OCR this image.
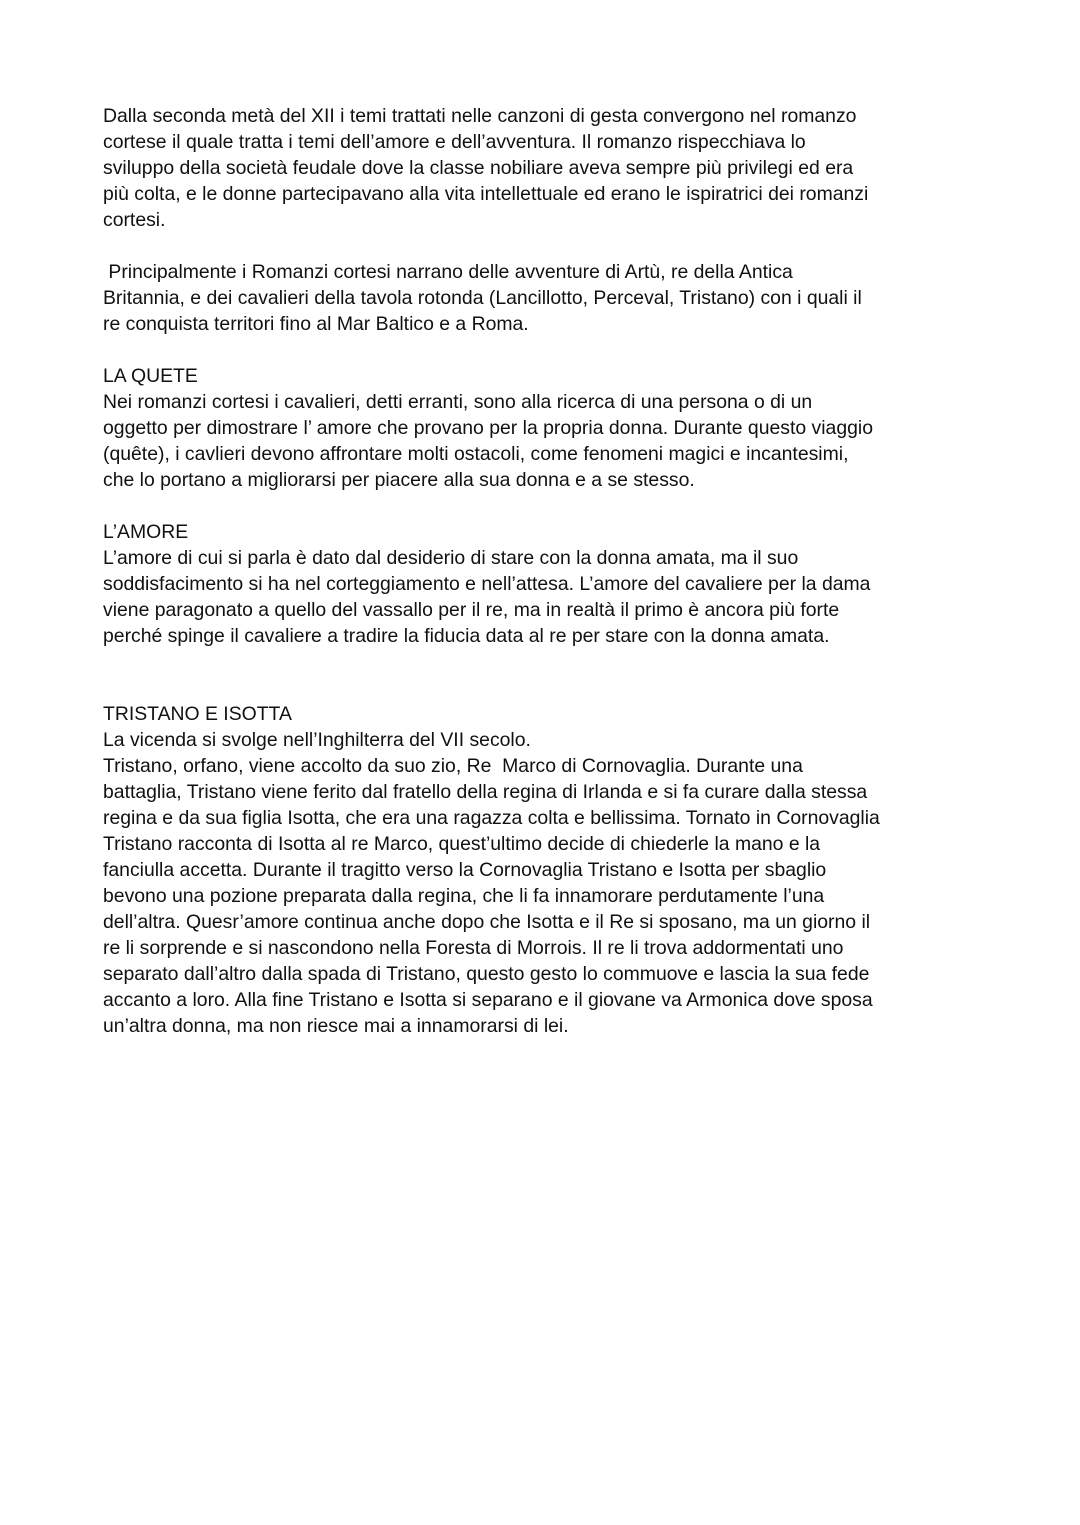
Dalla seconda metà del XII i temi trattati nelle canzoni di gesta convergono nel romanzo
cortese il quale tratta i temi dell’amore e dell’avventura. Il romanzo rispecchiava lo
sviluppo della società feudale dove la classe nobiliare aveva sempre più privilegi ed era
più colta, e le donne partecipavano alla vita intellettuale ed erano le ispiratrici dei romanzi
cortesi.
Principalmente i Romanzi cortesi narrano delle avventure di Artù, re della Antica
Britannia, e dei cavalieri della tavola rotonda (Lancillotto, Perceval, Tristano) con i quali il
re conquista territori fino al Mar Baltico e a Roma.
LA QUETE
Nei romanzi cortesi i cavalieri, detti erranti, sono alla ricerca di una persona o di un
oggetto per dimostrare l’ amore che provano per la propria donna. Durante questo viaggio
(quête), i cavlieri devono affrontare molti ostacoli, come fenomeni magici e incantesimi,
che lo portano a migliorarsi per piacere alla sua donna e a se stesso.
L’AMORE
L’amore di cui si parla è dato dal desiderio di stare con la donna amata, ma il suo
soddisfacimento si ha nel corteggiamento e nell’attesa. L’amore del cavaliere per la dama
viene paragonato a quello del vassallo per il re, ma in realtà il primo è ancora più forte
perché spinge il cavaliere a tradire la fiducia data al re per stare con la donna amata.
TRISTANO E ISOTTA
La vicenda si svolge nell’Inghilterra del VII secolo.
Tristano, orfano, viene accolto da suo zio, Re  Marco di Cornovaglia. Durante una
battaglia, Tristano viene ferito dal fratello della regina di Irlanda e si fa curare dalla stessa
regina e da sua figlia Isotta, che era una ragazza colta e bellissima. Tornato in Cornovaglia
Tristano racconta di Isotta al re Marco, quest’ultimo decide di chiederle la mano e la
fanciulla accetta. Durante il tragitto verso la Cornovaglia Tristano e Isotta per sbaglio
bevono una pozione preparata dalla regina, che li fa innamorare perdutamente l’una
dell’altra. Quesr’amore continua anche dopo che Isotta e il Re si sposano, ma un giorno il
re li sorprende e si nascondono nella Foresta di Morrois. Il re li trova addormentati uno
separato dall’altro dalla spada di Tristano, questo gesto lo commuove e lascia la sua fede
accanto a loro. Alla fine Tristano e Isotta si separano e il giovane va Armonica dove sposa
un’altra donna, ma non riesce mai a innamorarsi di lei.
